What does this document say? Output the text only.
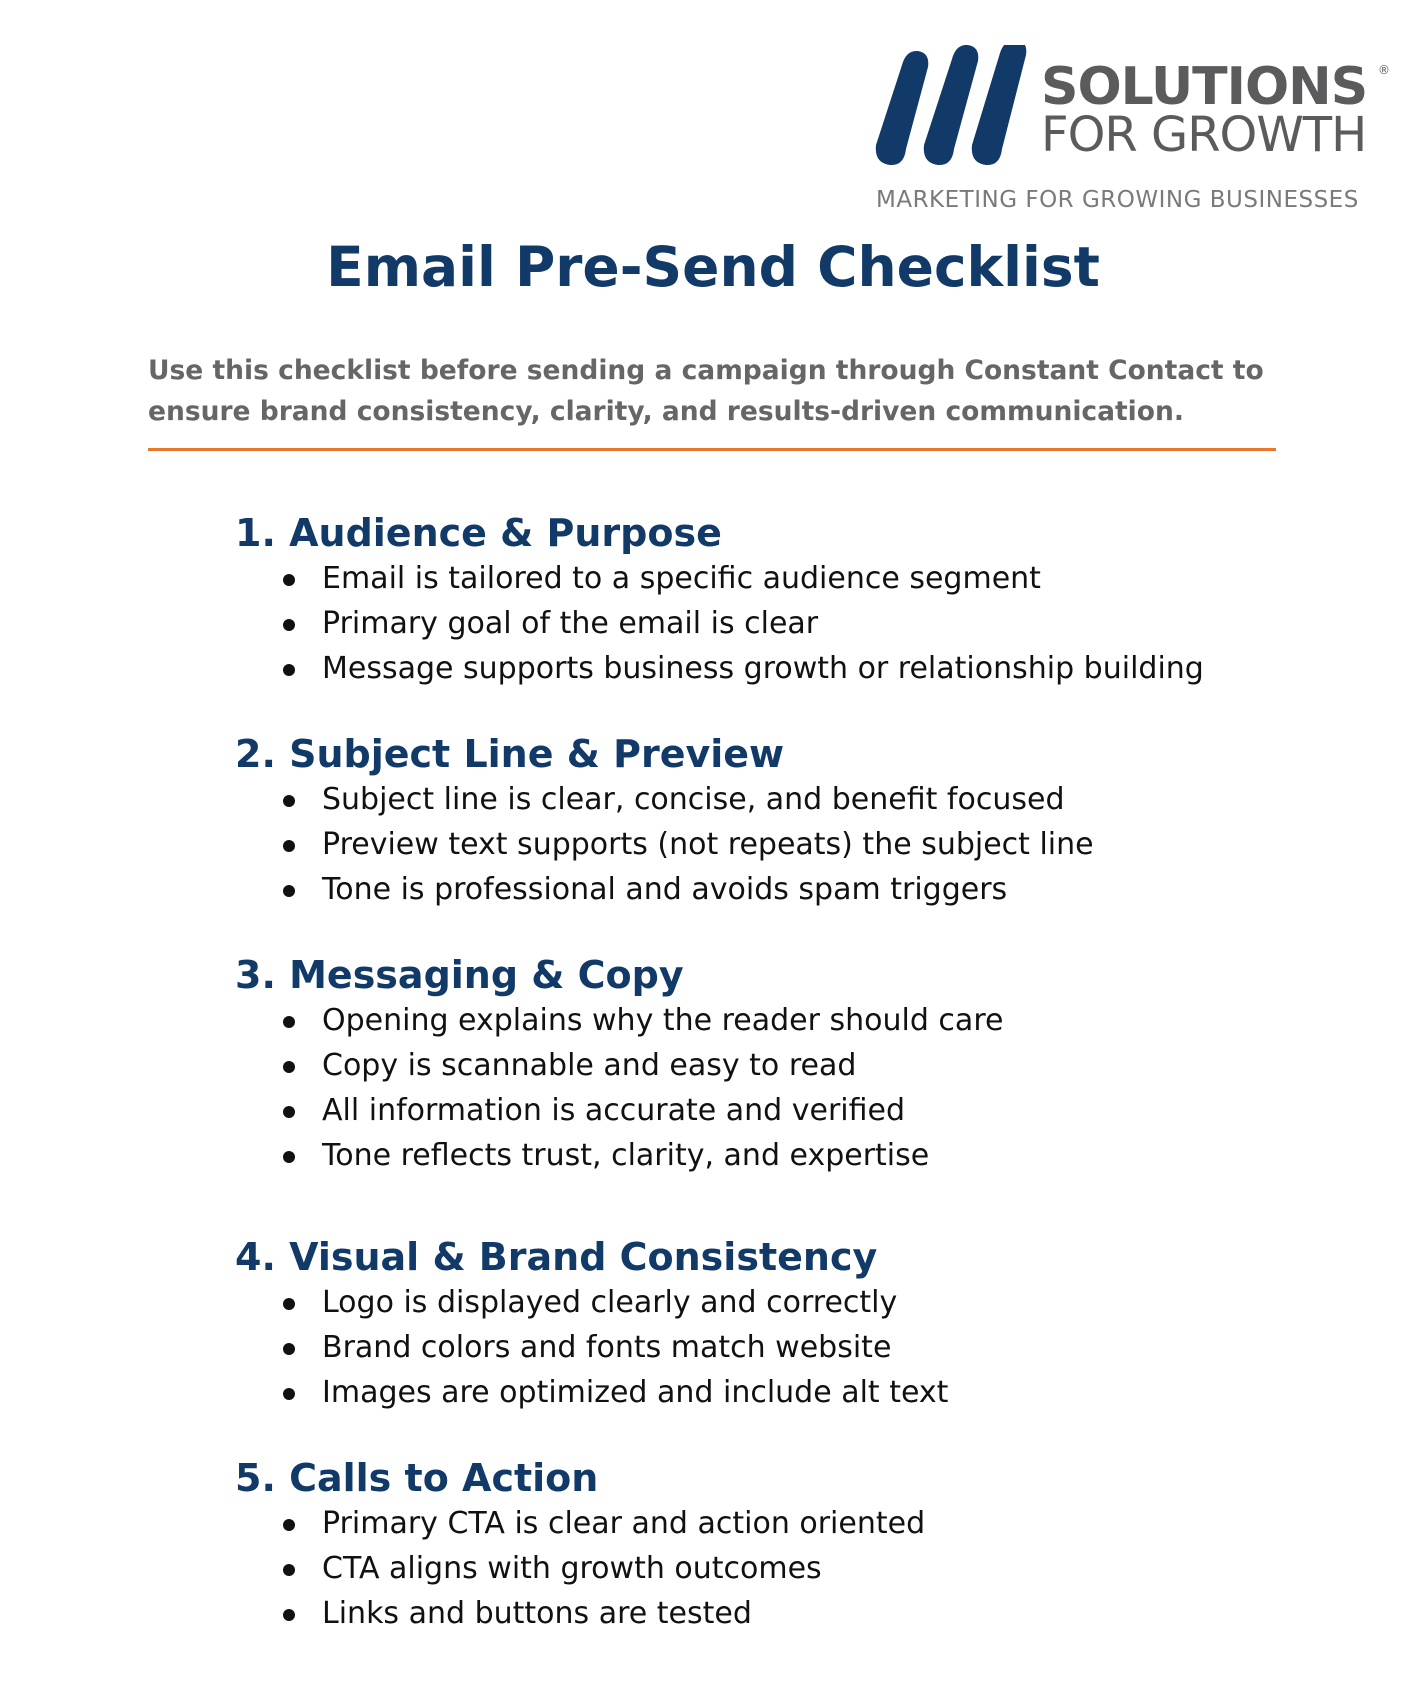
SOLUTIONS
FOR GROWTH
®
MARKETING FOR GROWING BUSINESSES
Email Pre-Send Checklist

Use this checklist before sending a campaign through Constant Contact to ensure brand consistency, clarity, and results-driven communication.

1. Audience & Purpose
Email is tailored to a specific audience segment
Primary goal of the email is clear
Message supports business growth or relationship building
2. Subject Line & Preview
Subject line is clear, concise, and benefit focused
Preview text supports (not repeats) the subject line
Tone is professional and avoids spam triggers
3. Messaging & Copy
Opening explains why the reader should care
Copy is scannable and easy to read
All information is accurate and verified
Tone reflects trust, clarity, and expertise
4. Visual & Brand Consistency
Logo is displayed clearly and correctly
Brand colors and fonts match website
Images are optimized and include alt text
5. Calls to Action
Primary CTA is clear and action oriented
CTA aligns with growth outcomes
Links and buttons are tested
